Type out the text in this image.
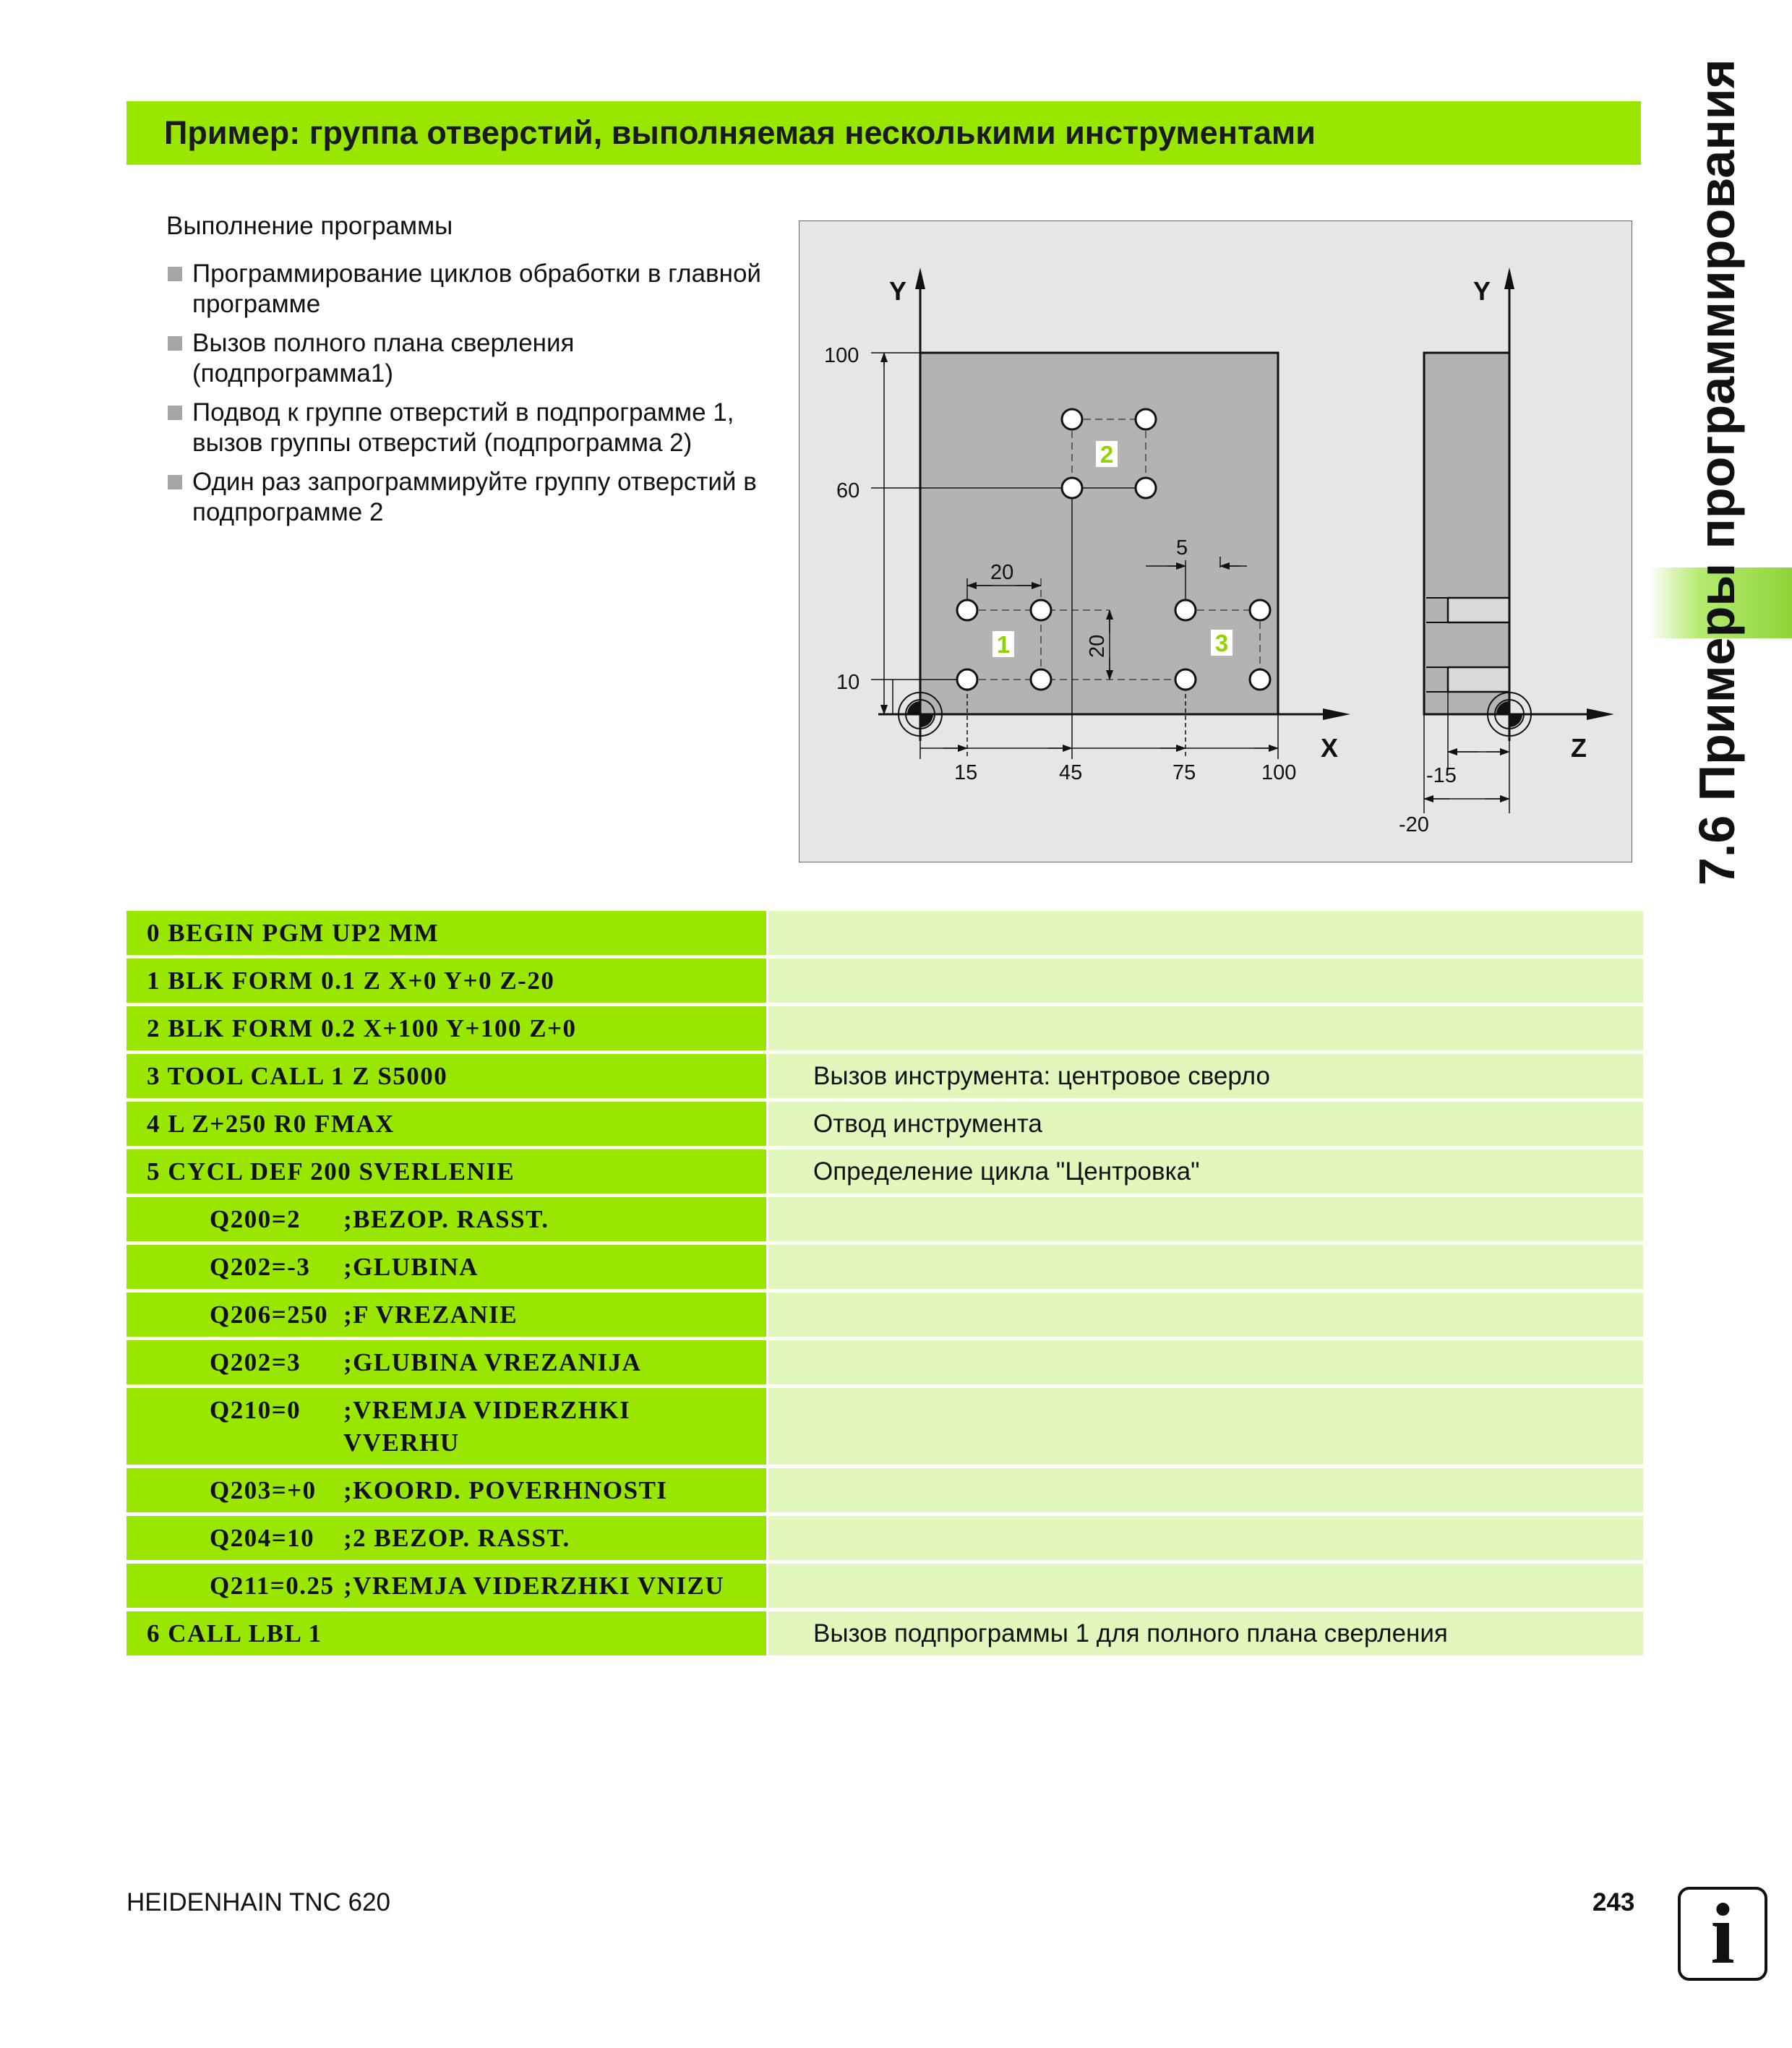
Пример: группа отверстий, выполняемая несколькими инструментами
Выполнение программы
Программирование циклов обработки в главной программе
Вызов полного плана сверления (подпрограмма1)
Подвод к группе отверстий в подпрограмме 1, вызов группы отверстий (подпрограмма 2)
Один раз запрограммируйте группу отверстий в подпрограмме 2
Y
X
100
60
10
15	45	75	100
20
20
5
1
2
3
Y
Z
-15
-20	7.6 Примеры программирования
0 BEGIN PGM UP2 MM
1 BLK FORM 0.1 Z X+0 Y+0 Z-20
2 BLK FORM 0.2 X+100 Y+100 Z+0
3 TOOL CALL 1 Z S5000	Вызов инструмента: центровое сверло
4 L Z+250 R0 FMAX	Отвод инструмента
5 CYCL DEF 200 SVERLENIE	Определение цикла "Центровка"
Q200=2 ;BEZOP. RASST.
Q202=-3 ;GLUBINA
Q206=250 ;F VREZANIE
Q202=3 ;GLUBINA VREZANIJA
Q210=0 ;VREMJA VIDERZHKI VVERHU
Q203=+0 ;KOORD. POVERHNOSTI
Q204=10 ;2 BEZOP. RASST.
Q211=0.25 ;VREMJA VIDERZHKI VNIZU
6 CALL LBL 1	Вызов подпрограммы 1 для полного плана сверления
HEIDENHAIN TNC 620	243 i
